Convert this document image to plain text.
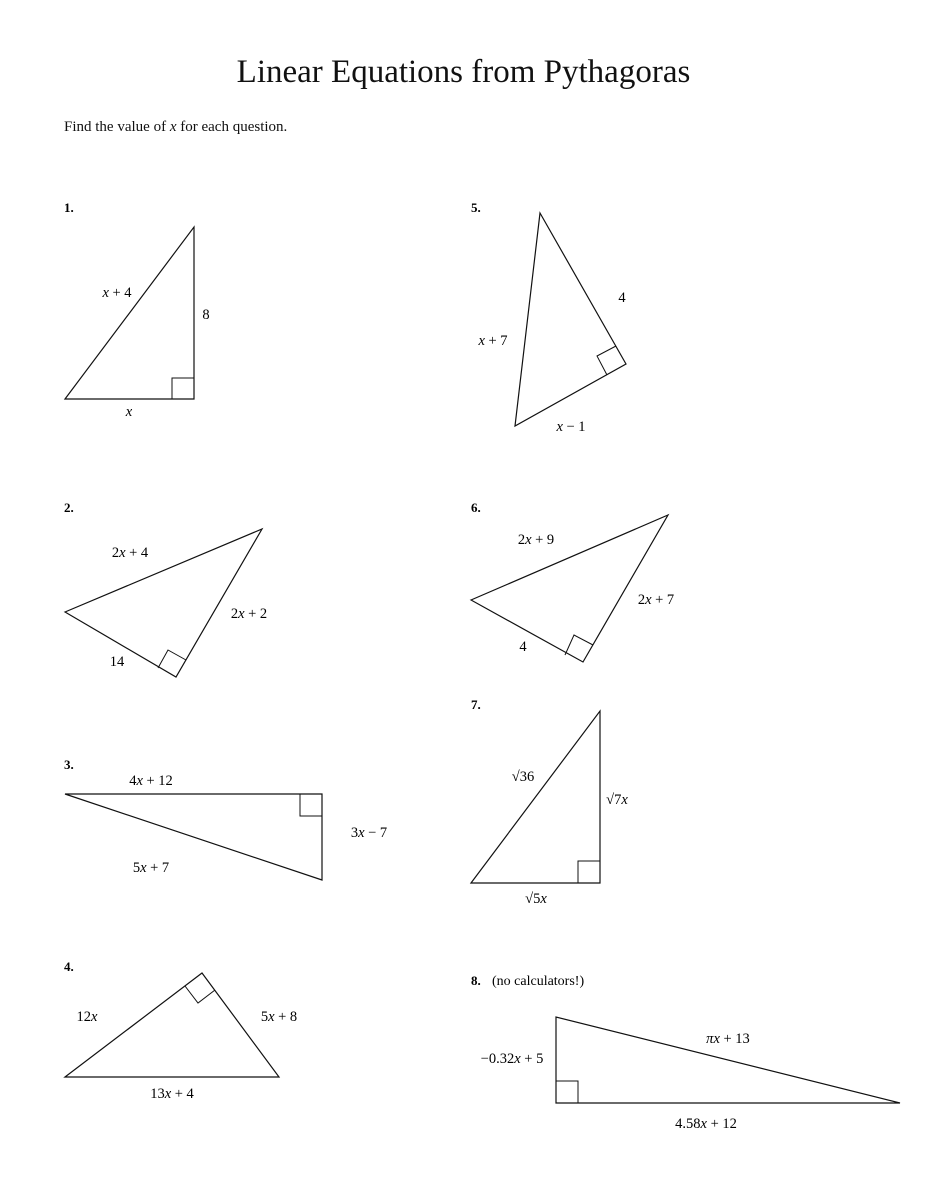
Linear Equations from Pythagoras
Find the value of x for each question.
1.
x + 4
8
x
2.
2x + 4
2x + 2
14
3.
4x + 12
3x − 7
5x + 7
4.
12x	5x + 8
13x + 4
5.
4
x + 7
x − 1
6.
2x + 9
2x + 7
4
7.
√36
√7x
√5x
8. (no calculators!)
πx + 13
−0.32x + 5
4.58x + 12
